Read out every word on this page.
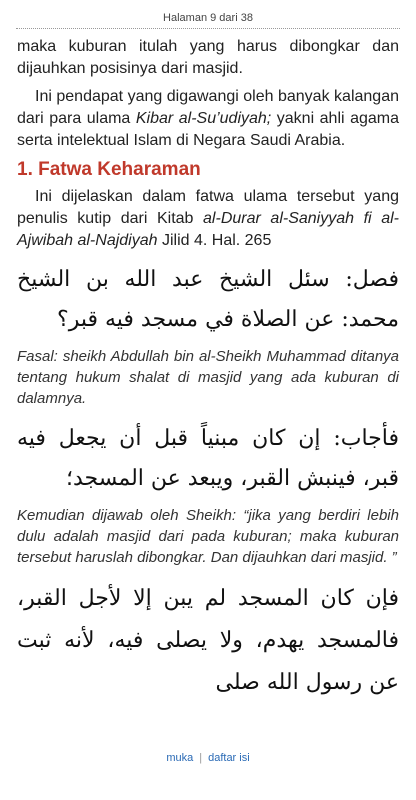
Halaman 9 dari 38

maka kuburan itulah yang harus dibongkar dan dijauhkan posisinya dari masjid.

Ini pendapat yang digawangi oleh banyak kalangan dari para ulama Kibar al-Su’udiyah; yakni ahli agama serta intelektual Islam di Negara Saudi Arabia.

1. Fatwa Keharaman

Ini dijelaskan dalam fatwa ulama tersebut yang penulis kutip dari Kitab al-Durar al-Saniyyah fi al-Ajwibah al-Najdiyah Jilid 4. Hal. 265

فصل: سئل الشيخ عبد الله بن الشيخ محمد: عن الصلاة في مسجد فيه قبر؟

Fasal: sheikh Abdullah bin al-Sheikh Muhammad ditanya tentang hukum shalat di masjid yang ada kuburan di dalamnya.

فأجاب: إن كان مبنياً قبل أن يجعل فيه قبر، فينبش القبر، ويبعد عن المسجد؛

Kemudian dijawab oleh Sheikh: “jika yang berdiri lebih dulu adalah masjid dari pada kuburan; maka kuburan tersebut haruslah dibongkar. Dan dijauhkan dari masjid. ”

فإن كان المسجد لم يبن إلا لأجل القبر، فالمسجد يهدم، ولا يصلى فيه، لأنه ثبت عن رسول الله صلى

muka | daftar isi
